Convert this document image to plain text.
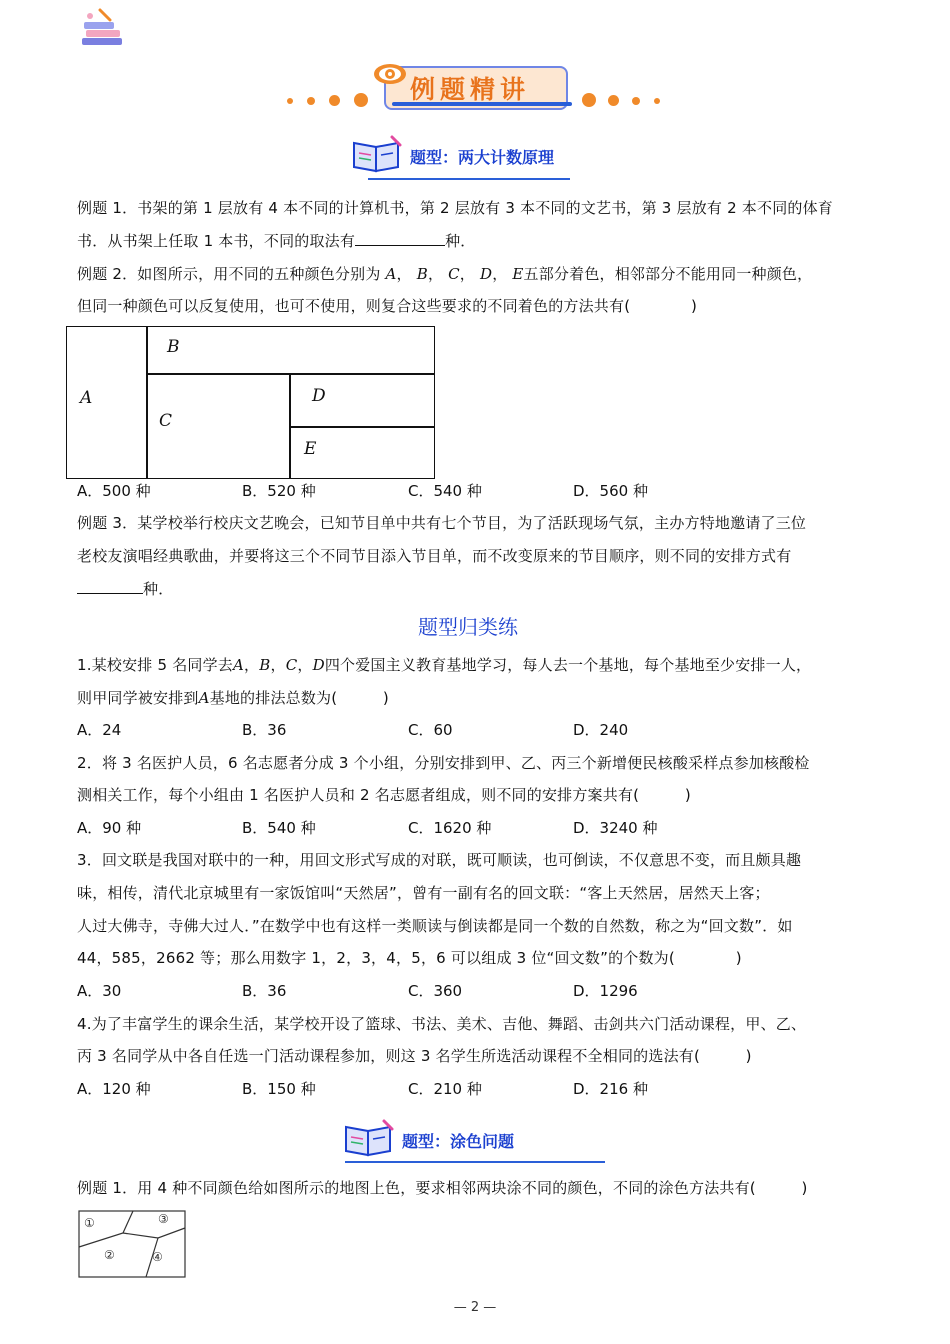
例题精讲
题型：两大计数原理
例题 1．书架的第 1 层放有 4 本不同的计算机书，第 2 层放有 3 本不同的文艺书，第 3 层放有 2 本不同的体育
书．从书架上任取 1 本书，不同的取法有	种．
例题 2．如图所示，用不同的五种颜色分别为 A， B， C， D， E五部分着色，相邻部分不能用同一种颜色，
但同一种颜色可以反复使用，也可不使用，则复合这些要求的不同着色的方法共有(　　　　)
A
B
C
D
E
A．500 种	B．520 种	C．540 种	D．560 种
例题 3．某学校举行校庆文艺晚会，已知节目单中共有七个节目，为了活跃现场气氛，主办方特地邀请了三位
老校友演唱经典歌曲，并要将这三个不同节目添入节目单，而不改变原来的节目顺序，则不同的安排方式有
种．
题型归类练
1.某校安排 5 名同学去A，B，C，D四个爱国主义教育基地学习，每人去一个基地，每个基地至少安排一人，
则甲同学被安排到A基地的排法总数为(　　　)
A．24	B．36	C．60	D．240
2．将 3 名医护人员，6 名志愿者分成 3 个小组，分别安排到甲、乙、丙三个新增便民核酸采样点参加核酸检
测相关工作，每个小组由 1 名医护人员和 2 名志愿者组成，则不同的安排方案共有(　　　)
A．90 种	B．540 种	C．1620 种	D．3240 种
3．回文联是我国对联中的一种，用回文形式写成的对联，既可顺读，也可倒读，不仅意思不变，而且颇具趣
味，相传，清代北京城里有一家饭馆叫“天然居”，曾有一副有名的回文联：“客上天然居，居然天上客；
人过大佛寺，寺佛大过人．”在数学中也有这样一类顺读与倒读都是同一个数的自然数，称之为“回文数”．如
44，585，2662 等；那么用数字 1，2，3，4，5，6 可以组成 3 位“回文数”的个数为(　　　　)
A．30	B．36	C．360	D．1296
4.为了丰富学生的课余生活，某学校开设了篮球、书法、美术、吉他、舞蹈、击剑共六门活动课程，甲、乙、
丙 3 名同学从中各自任选一门活动课程参加，则这 3 名学生所选活动课程不全相同的选法有(　　　)
A．120 种	B．150 种	C．210 种	D．216 种
题型：涂色问题
例题 1．用 4 种不同颜色给如图所示的地图上色，要求相邻两块涂不同的颜色，不同的涂色方法共有(　　　)
①
②
③
④
— 2 —
